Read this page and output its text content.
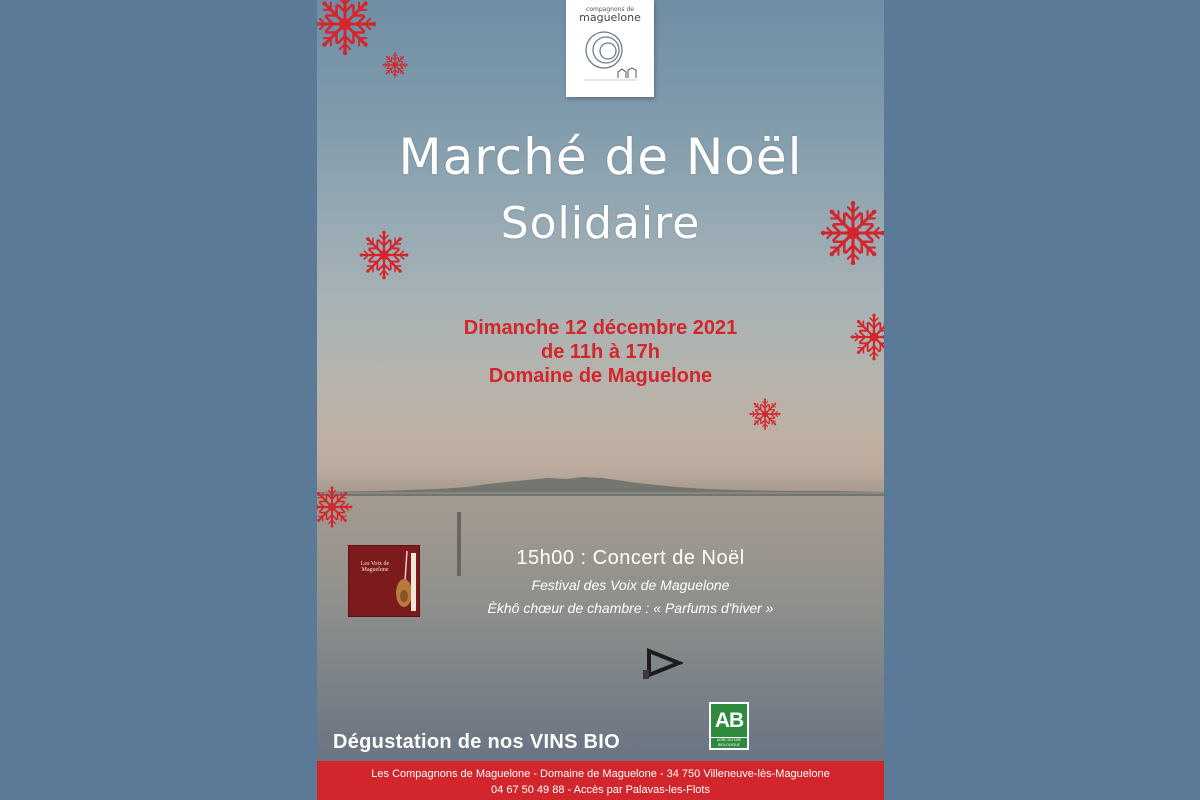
compagnons de
maguelone
Marché de Noël
Solidaire
Dimanche 12 décembre 2021
de 11h à 17h
Domaine de Maguelone
Les Voix de Maguelone
15h00 : Concert de Noël
Festival des Voix de Maguelone
Èkhô chœur de chambre : « Parfums d'hiver »
Dégustation de nos VINS BIO
AB
AGRICULTURE BIOLOGIQUE
Les Compagnons de Maguelone - Domaine de Maguelone - 34 750 Villeneuve-lès-Maguelone
04 67 50 49 88 - Accès par Palavas-les-Flots
